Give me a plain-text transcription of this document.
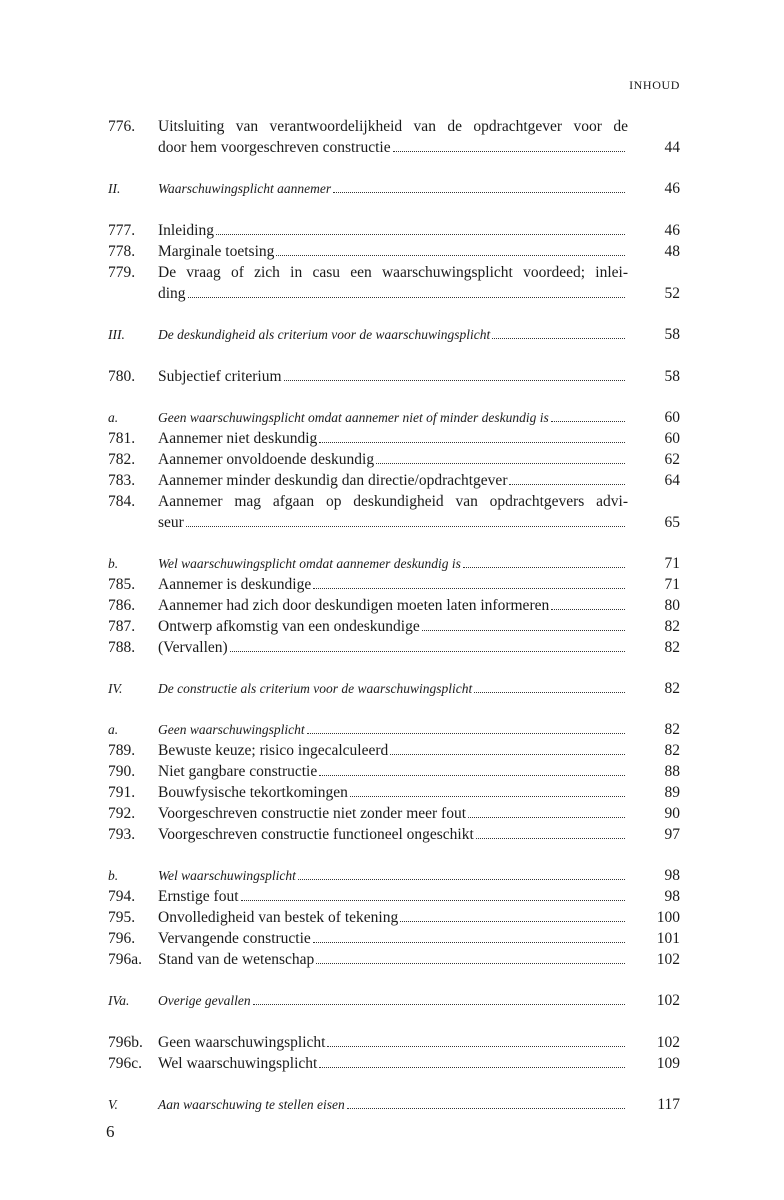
INHOUD
776. Uitsluiting van verantwoordelijkheid van de opdrachtgever voor de
door hem voorgeschreven constructie	44
II.	Waarschuwingsplicht aannemer	46
777. Inleiding	46
778. Marginale toetsing	48
779. De vraag of zich in casu een waarschuwingsplicht voordeed; inlei-
ding	52
III. De deskundigheid als criterium voor de waarschuwingsplicht	58
780. Subjectief criterium	58
a.	Geen waarschuwingsplicht omdat aannemer niet of minder deskundig is	60
781. Aannemer niet deskundig	60
782. Aannemer onvoldoende deskundig	62
783. Aannemer minder deskundig dan directie/opdrachtgever	64
784. Aannemer mag afgaan op deskundigheid van opdrachtgevers advi-
seur	65
b.	Wel waarschuwingsplicht omdat aannemer deskundig is	71
785. Aannemer is deskundige	71
786. Aannemer had zich door deskundigen moeten laten informeren	80
787. Ontwerp afkomstig van een ondeskundige	82
788. (Vervallen)	82
IV.	De constructie als criterium voor de waarschuwingsplicht	82
a.	Geen waarschuwingsplicht	82
789. Bewuste keuze; risico ingecalculeerd	82
790. Niet gangbare constructie	88
791. Bouwfysische tekortkomingen	89
792. Voorgeschreven constructie niet zonder meer fout	90
793. Voorgeschreven constructie functioneel ongeschikt	97
b.	Wel waarschuwingsplicht	98
794. Ernstige fout	98
795. Onvolledigheid van bestek of tekening	100
796. Vervangende constructie	101
796a. Stand van de wetenschap	102
IVa. Overige gevallen	102
796b. Geen waarschuwingsplicht	102
796c. Wel waarschuwingsplicht	109
V.	Aan waarschuwing te stellen eisen	117
6
